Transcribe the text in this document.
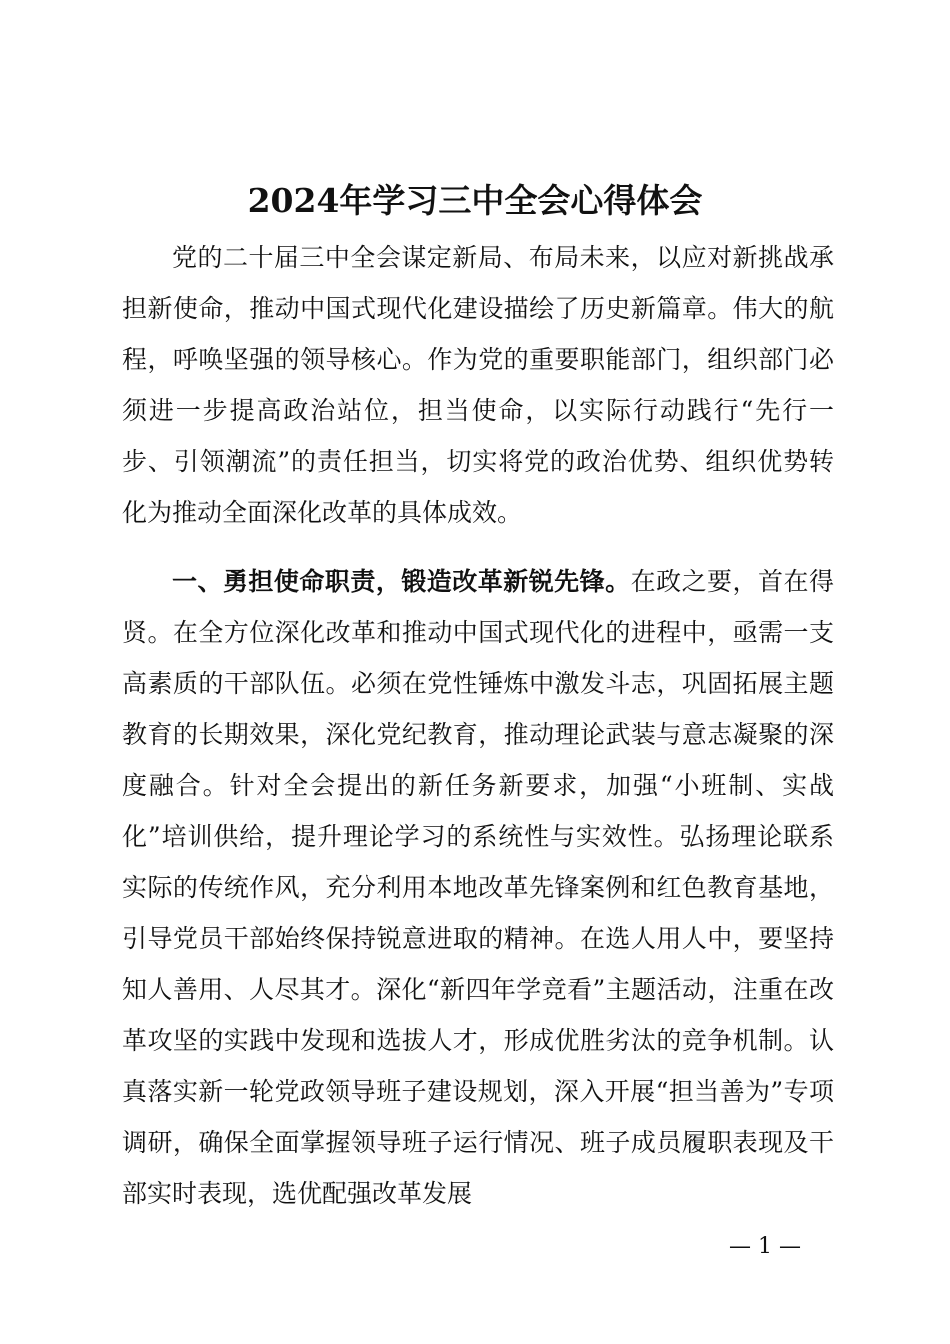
2024年学习三中全会心得体会

党的二十届三中全会谋定新局、布局未来，以应对新挑战承担新使命，推动中国式现代化建设描绘了历史新篇章。伟大的航程，呼唤坚强的领导核心。作为党的重要职能部门，组织部门必须进一步提高政治站位，担当使命，以实际行动践行“先行一步、引领潮流”的责任担当，切实将党的政治优势、组织优势转化为推动全面深化改革的具体成效。

一、勇担使命职责，锻造改革新锐先锋。在政之要，首在得贤。在全方位深化改革和推动中国式现代化的进程中，亟需一支高素质的干部队伍。必须在党性锤炼中激发斗志，巩固拓展主题教育的长期效果，深化党纪教育，推动理论武装与意志凝聚的深度融合。针对全会提出的新任务新要求，加强“小班制、实战化”培训供给，提升理论学习的系统性与实效性。弘扬理论联系实际的传统作风，充分利用本地改革先锋案例和红色教育基地，引导党员干部始终保持锐意进取的精神。在选人用人中，要坚持知人善用、人尽其才。深化“新四年学竞看”主题活动，注重在改革攻坚的实践中发现和选拔人才，形成优胜劣汰的竞争机制。认真落实新一轮党政领导班子建设规划，深入开展“担当善为”专项调研，确保全面掌握领导班子运行情况、班子成员履职表现及干部实时表现，选优配强改革发展

— 1 —
